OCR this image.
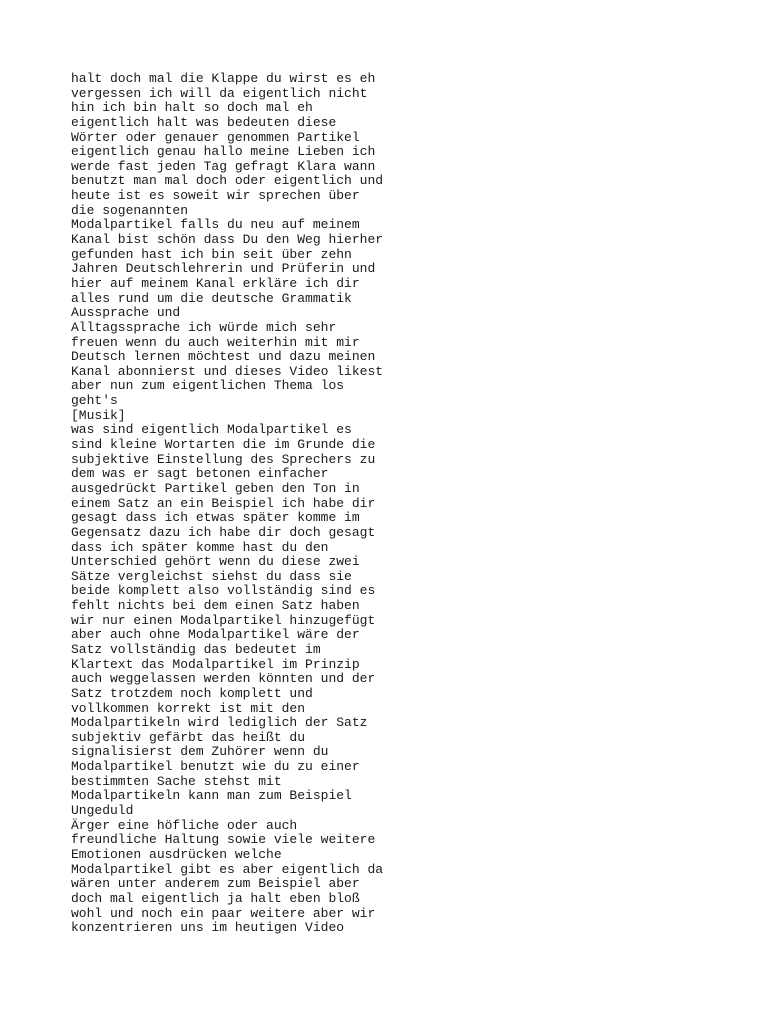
halt doch mal die Klappe du wirst es eh
vergessen ich will da eigentlich nicht
hin ich bin halt so doch mal eh
eigentlich halt was bedeuten diese
Wörter oder genauer genommen Partikel
eigentlich genau hallo meine Lieben ich
werde fast jeden Tag gefragt Klara wann
benutzt man mal doch oder eigentlich und
heute ist es soweit wir sprechen über
die sogenannten
Modalpartikel falls du neu auf meinem
Kanal bist schön dass Du den Weg hierher
gefunden hast ich bin seit über zehn
Jahren Deutschlehrerin und Prüferin und
hier auf meinem Kanal erkläre ich dir
alles rund um die deutsche Grammatik
Aussprache und
Alltagssprache ich würde mich sehr
freuen wenn du auch weiterhin mit mir
Deutsch lernen möchtest und dazu meinen
Kanal abonnierst und dieses Video likest
aber nun zum eigentlichen Thema los
geht's
[Musik]
was sind eigentlich Modalpartikel es
sind kleine Wortarten die im Grunde die
subjektive Einstellung des Sprechers zu
dem was er sagt betonen einfacher
ausgedrückt Partikel geben den Ton in
einem Satz an ein Beispiel ich habe dir
gesagt dass ich etwas später komme im
Gegensatz dazu ich habe dir doch gesagt
dass ich später komme hast du den
Unterschied gehört wenn du diese zwei
Sätze vergleichst siehst du dass sie
beide komplett also vollständig sind es
fehlt nichts bei dem einen Satz haben
wir nur einen Modalpartikel hinzugefügt
aber auch ohne Modalpartikel wäre der
Satz vollständig das bedeutet im
Klartext das Modalpartikel im Prinzip
auch weggelassen werden könnten und der
Satz trotzdem noch komplett und
vollkommen korrekt ist mit den
Modalpartikeln wird lediglich der Satz
subjektiv gefärbt das heißt du
signalisierst dem Zuhörer wenn du
Modalpartikel benutzt wie du zu einer
bestimmten Sache stehst mit
Modalpartikeln kann man zum Beispiel
Ungeduld
Ärger eine höfliche oder auch
freundliche Haltung sowie viele weitere
Emotionen ausdrücken welche
Modalpartikel gibt es aber eigentlich da
wären unter anderem zum Beispiel aber
doch mal eigentlich ja halt eben bloß
wohl und noch ein paar weitere aber wir
konzentrieren uns im heutigen Video
